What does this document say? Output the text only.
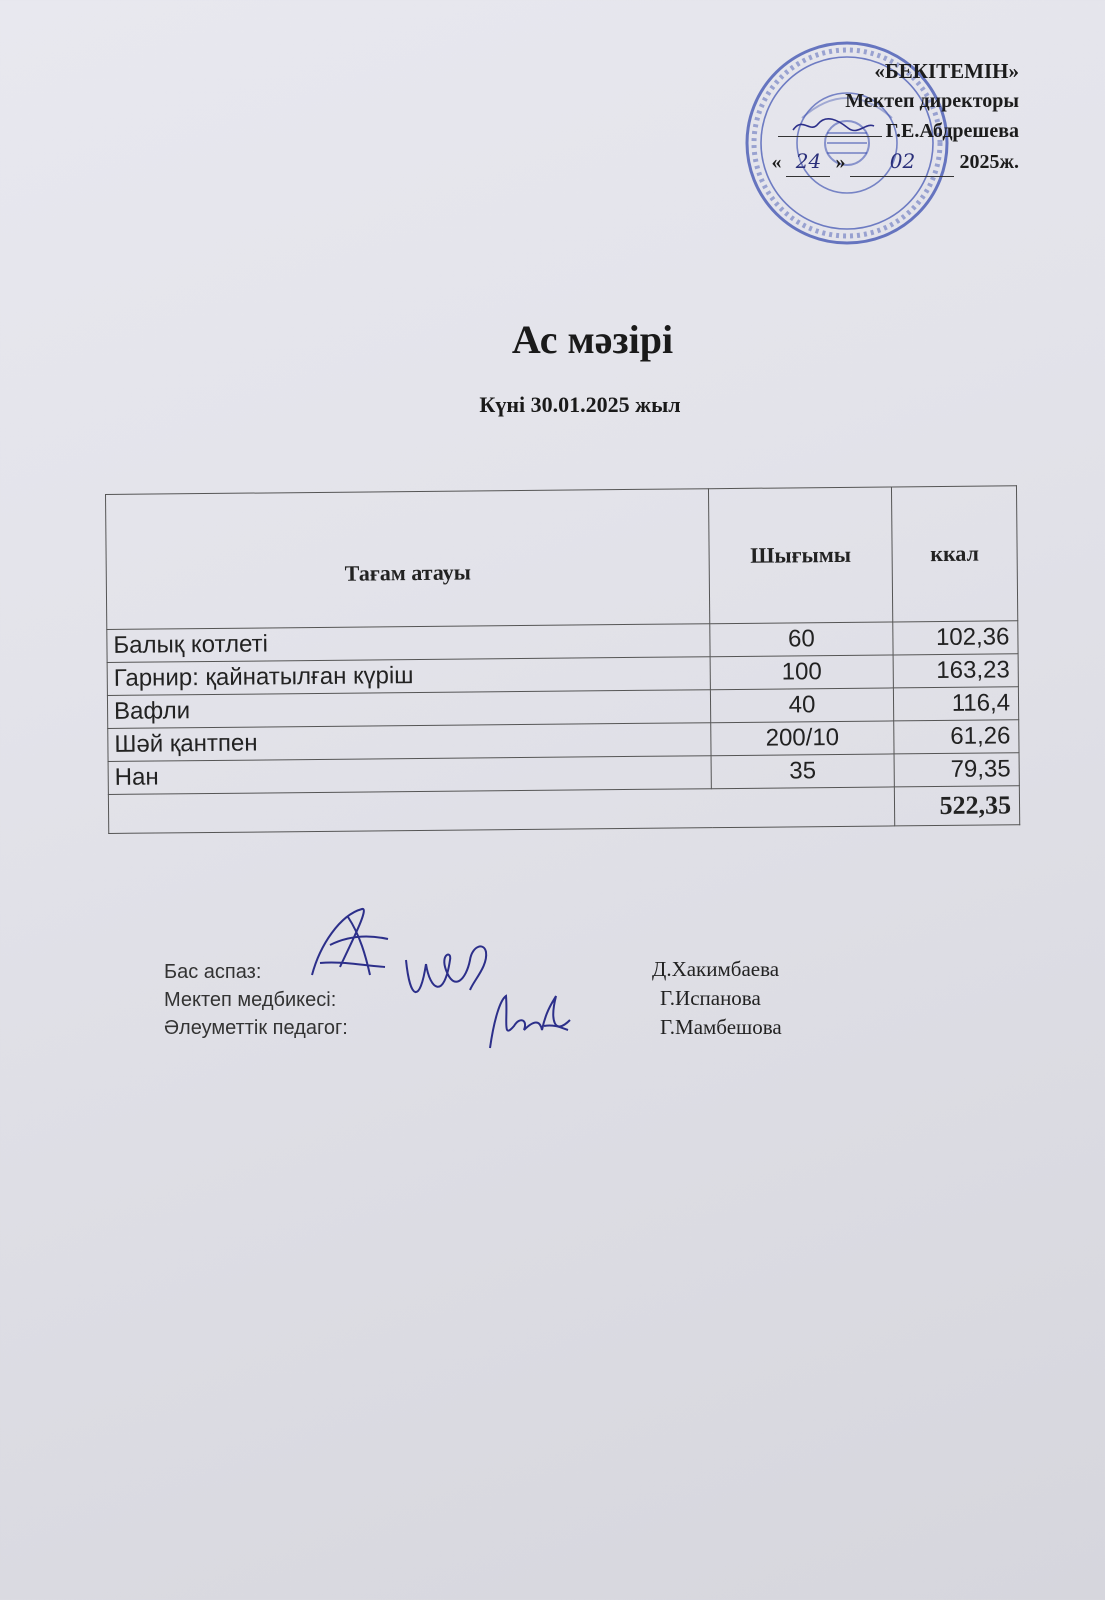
«БЕКІТЕМІН»
Мектеп директоры
Г.Е.Абдрешева
« 24 » 02 2025ж.
Ас мәзірі
Күні 30.01.2025 жыл
Тағам атауы	Шығымы	ккал
Балық котлеті	60	102,36
Гарнир: қайнатылған күріш	100	163,23
Вафли	40	116,4
Шәй қантпен	200/10	61,26
Нан	35	79,35
		522,35
Бас аспаз:
Мектеп медбикесі:
Әлеуметтік педагог:
Д.Хакимбаева
Г.Испанова
Г.Мамбешова
